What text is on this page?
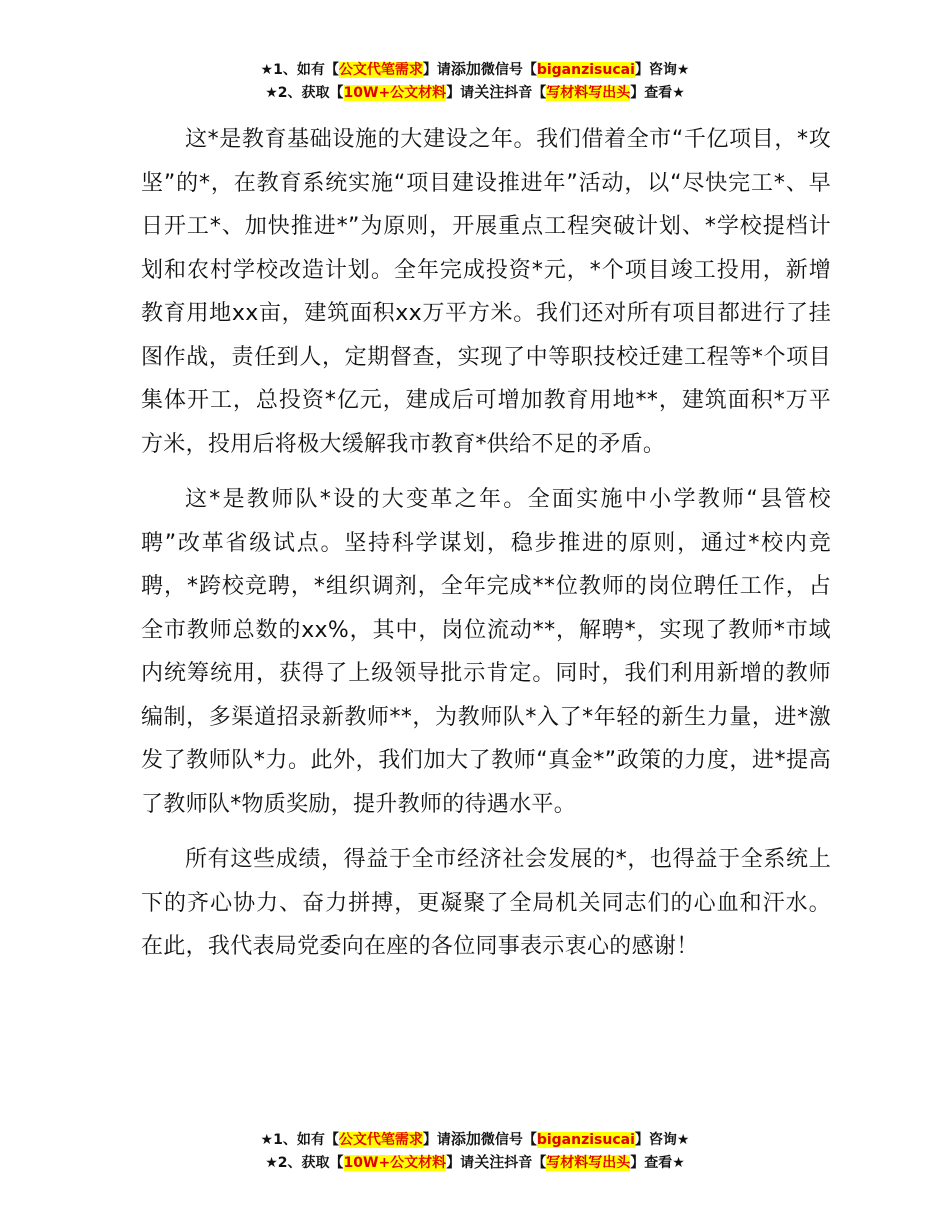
★1、如有【公文代笔需求】请添加微信号【biganzisucai】咨询★
★2、获取【10W+公文材料】请关注抖音【写材料写出头】查看★

这*是教育基础设施的大建设之年。我们借着全市“千亿项目，*攻坚”的*，在教育系统实施“项目建设推进年”活动，以“尽快完工*、早日开工*、加快推进*”为原则，开展重点工程突破计划、*学校提档计划和农村学校改造计划。全年完成投资*元，*个项目竣工投用，新增教育用地xx亩，建筑面积xx万平方米。我们还对所有项目都进行了挂图作战，责任到人，定期督查，实现了中等职技校迁建工程等*个项目集体开工，总投资*亿元，建成后可增加教育用地**，建筑面积*万平方米，投用后将极大缓解我市教育*供给不足的矛盾。

这*是教师队*设的大变革之年。全面实施中小学教师“县管校聘”改革省级试点。坚持科学谋划，稳步推进的原则，通过*校内竞聘，*跨校竞聘，*组织调剂，全年完成**位教师的岗位聘任工作，占全市教师总数的xx%，其中，岗位流动**，解聘*，实现了教师*市域内统筹统用，获得了上级领导批示肯定。同时，我们利用新增的教师编制，多渠道招录新教师**，为教师队*入了*年轻的新生力量，进*激发了教师队*力。此外，我们加大了教师“真金*”政策的力度，进*提高了教师队*物质奖励，提升教师的待遇水平。

所有这些成绩，得益于全市经济社会发展的*，也得益于全系统上下的齐心协力、奋力拼搏，更凝聚了全局机关同志们的心血和汗水。在此，我代表局党委向在座的各位同事表示衷心的感谢！

★1、如有【公文代笔需求】请添加微信号【biganzisucai】咨询★
★2、获取【10W+公文材料】请关注抖音【写材料写出头】查看★
